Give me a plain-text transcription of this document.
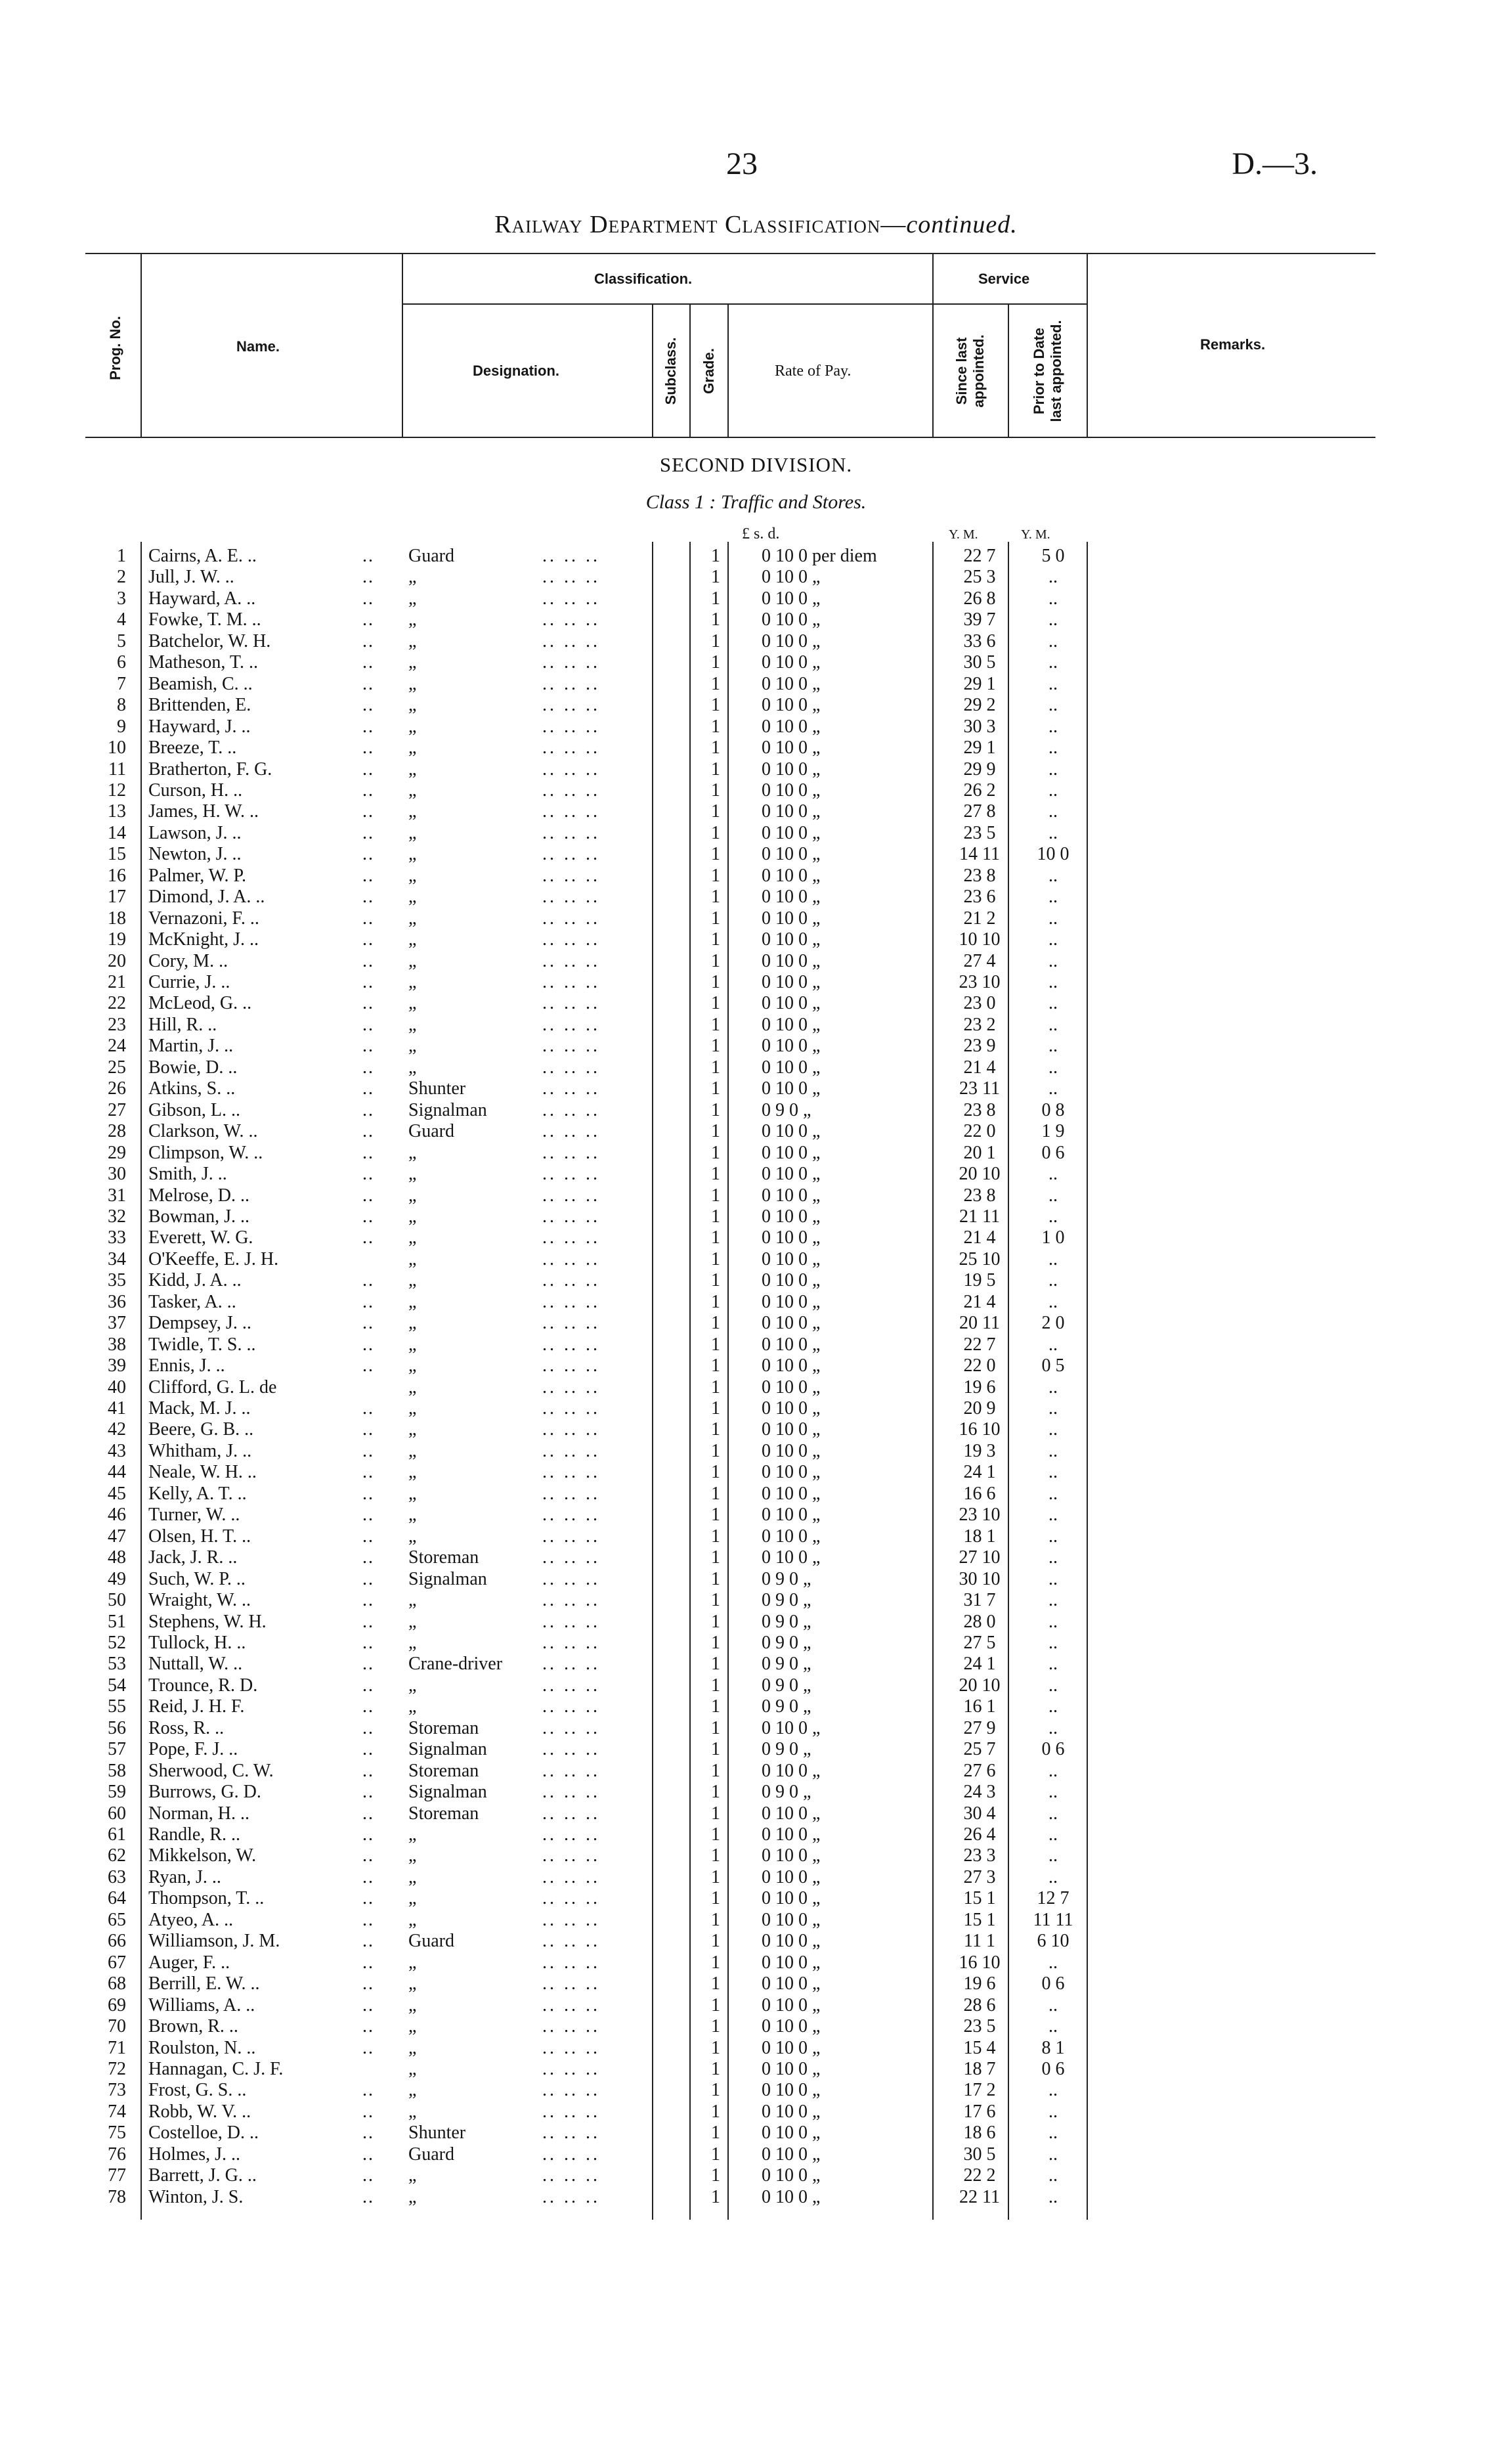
23	D.—3.
Railway Department Classification—continued.
Prog. No.	Name.
Classification.
Designation.	Subclass. Grade.	Rate of Pay.
Service
Since last appointed.	Prior to Date last appointed.	Remarks.
SECOND DIVISION.
Class 1 : Traffic and Stores.
£ s. d.	Y. M.	Y. M.
1 Cairns, A. E. ..	.. Guard	.. .. ..	1 0 10 0 per diem	22 7	5 0
2 Jull, J. W. ..	.. „	.. .. ..	1 0 10 0 „	25 3	..
3 Hayward, A. ..	.. „	.. .. ..	1 0 10 0 „	26 8	..
4 Fowke, T. M. ..	.. „	.. .. ..	1 0 10 0 „	39 7	..
5 Batchelor, W. H.	.. „	.. .. ..	1 0 10 0 „	33 6	..
6 Matheson, T. ..	.. „	.. .. ..	1 0 10 0 „	30 5	..
7 Beamish, C. ..	.. „	.. .. ..	1 0 10 0 „	29 1	..
8 Brittenden, E.	.. „	.. .. ..	1 0 10 0 „	29 2	..
9 Hayward, J. ..	.. „	.. .. ..	1 0 10 0 „	30 3	..
10 Breeze, T. ..	.. „	.. .. ..	1 0 10 0 „	29 1	..
11 Bratherton, F. G.	.. „	.. .. ..	1 0 10 0 „	29 9	..
12 Curson, H. ..	.. „	.. .. ..	1 0 10 0 „	26 2	..
13 James, H. W. ..	.. „	.. .. ..	1 0 10 0 „	27 8	..
14 Lawson, J. ..	.. „	.. .. ..	1 0 10 0 „	23 5	..
15 Newton, J. ..	.. „	.. .. ..	1 0 10 0 „	14 11	10 0
16 Palmer, W. P.	.. „	.. .. ..	1 0 10 0 „	23 8	..
17 Dimond, J. A. ..	.. „	.. .. ..	1 0 10 0 „	23 6	..
18 Vernazoni, F. ..	.. „	.. .. ..	1 0 10 0 „	21 2	..
19 McKnight, J. ..	.. „	.. .. ..	1 0 10 0 „	10 10	..
20 Cory, M. ..	.. „	.. .. ..	1 0 10 0 „	27 4	..
21 Currie, J. ..	.. „	.. .. ..	1 0 10 0 „	23 10	..
22 McLeod, G. ..	.. „	.. .. ..	1 0 10 0 „	23 0	..
23 Hill, R. ..	.. „	.. .. ..	1 0 10 0 „	23 2	..
24 Martin, J. ..	.. „	.. .. ..	1 0 10 0 „	23 9	..
25 Bowie, D. ..	.. „	.. .. ..	1 0 10 0 „	21 4	..
26 Atkins, S. ..	.. Shunter	.. .. ..	1 0 10 0 „	23 11	..
27 Gibson, L. ..	.. Signalman	.. .. ..	1 0 9 0 „	23 8	0 8
28 Clarkson, W. ..	.. Guard	.. .. ..	1 0 10 0 „	22 0	1 9
29 Climpson, W. ..	.. „	.. .. ..	1 0 10 0 „	20 1	0 6
30 Smith, J. ..	.. „	.. .. ..	1 0 10 0 „	20 10	..
31 Melrose, D. ..	.. „	.. .. ..	1 0 10 0 „	23 8	..
32 Bowman, J. ..	.. „	.. .. ..	1 0 10 0 „	21 11	..
33 Everett, W. G.	.. „	.. .. ..	1 0 10 0 „	21 4	1 0
34 O'Keeffe, E. J. H.	„	.. .. ..	1 0 10 0 „	25 10	..
35 Kidd, J. A. ..	.. „	.. .. ..	1 0 10 0 „	19 5	..
36 Tasker, A. ..	.. „	.. .. ..	1 0 10 0 „	21 4	..
37 Dempsey, J. ..	.. „	.. .. ..	1 0 10 0 „	20 11	2 0
38 Twidle, T. S. ..	.. „	.. .. ..	1 0 10 0 „	22 7	..
39 Ennis, J. ..	.. „	.. .. ..	1 0 10 0 „	22 0	0 5
40 Clifford, G. L. de	„	.. .. ..	1 0 10 0 „	19 6	..
41 Mack, M. J. ..	.. „	.. .. ..	1 0 10 0 „	20 9	..
42 Beere, G. B. ..	.. „	.. .. ..	1 0 10 0 „	16 10	..
43 Whitham, J. ..	.. „	.. .. ..	1 0 10 0 „	19 3	..
44 Neale, W. H. ..	.. „	.. .. ..	1 0 10 0 „	24 1	..
45 Kelly, A. T. ..	.. „	.. .. ..	1 0 10 0 „	16 6	..
46 Turner, W. ..	.. „	.. .. ..	1 0 10 0 „	23 10	..
47 Olsen, H. T. ..	.. „	.. .. ..	1 0 10 0 „	18 1	..
48 Jack, J. R. ..	.. Storeman	.. .. ..	1 0 10 0 „	27 10	..
49 Such, W. P. ..	.. Signalman	.. .. ..	1 0 9 0 „	30 10	..
50 Wraight, W. ..	.. „	.. .. ..	1 0 9 0 „	31 7	..
51 Stephens, W. H.	.. „	.. .. ..	1 0 9 0 „	28 0	..
52 Tullock, H. ..	.. „	.. .. ..	1 0 9 0 „	27 5	..
53 Nuttall, W. ..	.. Crane-driver .. .. ..	1 0 9 0 „	24 1	..
54 Trounce, R. D.	.. „	.. .. ..	1 0 9 0 „	20 10	..
55 Reid, J. H. F.	.. „	.. .. ..	1 0 9 0 „	16 1	..
56 Ross, R. ..	.. Storeman	.. .. ..	1 0 10 0 „	27 9	..
57 Pope, F. J. ..	.. Signalman	.. .. ..	1 0 9 0 „	25 7	0 6
58 Sherwood, C. W.	.. Storeman	.. .. ..	1 0 10 0 „	27 6	..
59 Burrows, G. D.	.. Signalman	.. .. ..	1 0 9 0 „	24 3	..
60 Norman, H. ..	.. Storeman	.. .. ..	1 0 10 0 „	30 4	..
61 Randle, R. ..	.. „	.. .. ..	1 0 10 0 „	26 4	..
62 Mikkelson, W.	.. „	.. .. ..	1 0 10 0 „	23 3	..
63 Ryan, J. ..	.. „	.. .. ..	1 0 10 0 „	27 3	..
64 Thompson, T. ..	.. „	.. .. ..	1 0 10 0 „	15 1	12 7
65 Atyeo, A. ..	.. „	.. .. ..	1 0 10 0 „	15 1	11 11
66 Williamson, J. M.	.. Guard	.. .. ..	1 0 10 0 „	11 1	6 10
67 Auger, F. ..	.. „	.. .. ..	1 0 10 0 „	16 10	..
68 Berrill, E. W. ..	.. „	.. .. ..	1 0 10 0 „	19 6	0 6
69 Williams, A. ..	.. „	.. .. ..	1 0 10 0 „	28 6	..
70 Brown, R. ..	.. „	.. .. ..	1 0 10 0 „	23 5	..
71 Roulston, N. ..	.. „	.. .. ..	1 0 10 0 „	15 4	8 1
72 Hannagan, C. J. F.	„	.. .. ..	1 0 10 0 „	18 7	0 6
73 Frost, G. S. ..	.. „	.. .. ..	1 0 10 0 „	17 2	..
74 Robb, W. V. ..	.. „	.. .. ..	1 0 10 0 „	17 6	..
75 Costelloe, D. ..	.. Shunter	.. .. ..	1 0 10 0 „	18 6	..
76 Holmes, J. ..	.. Guard	.. .. ..	1 0 10 0 „	30 5	..
77 Barrett, J. G. ..	.. „	.. .. ..	1 0 10 0 „	22 2	..
78 Winton, J. S.	.. „	.. .. ..	1 0 10 0 „	22 11	..
